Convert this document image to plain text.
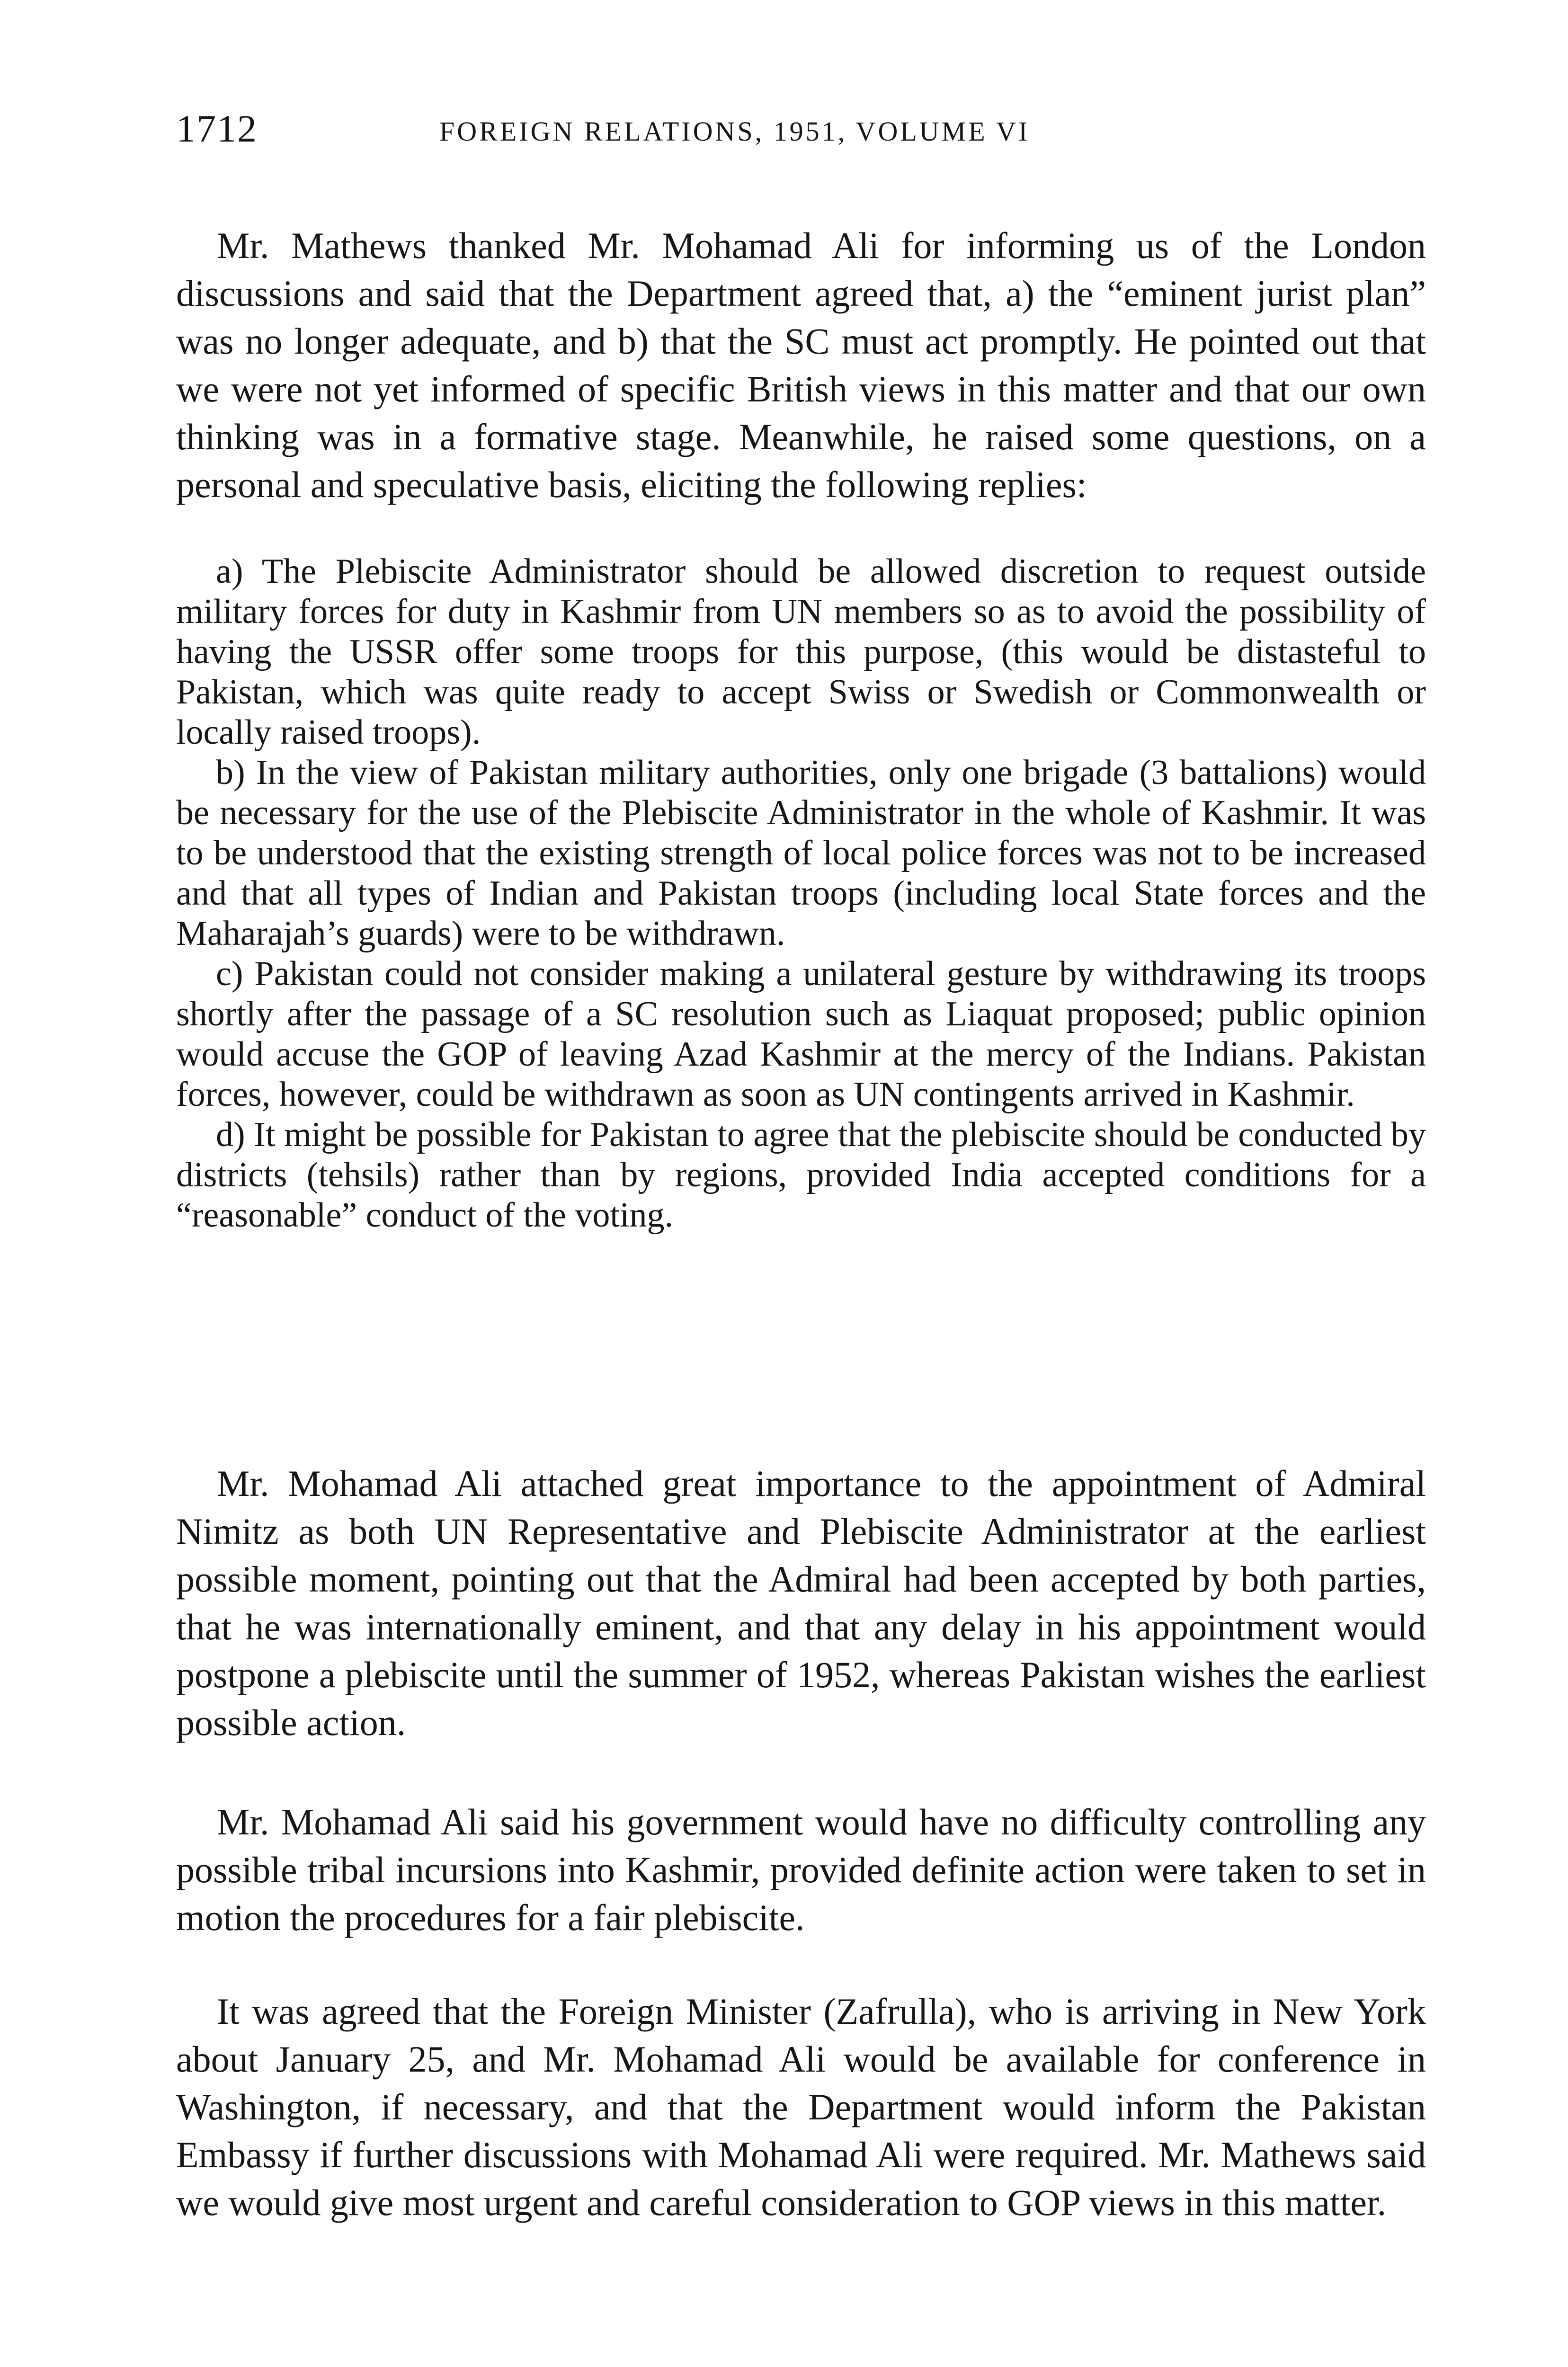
1712	FOREIGN RELATIONS, 1951, VOLUME VI

Mr. Mathews thanked Mr. Mohamad Ali for informing us of the London discussions and said that the Department agreed that, a) the “eminent jurist plan” was no longer adequate, and b) that the SC must act promptly. He pointed out that we were not yet informed of specific British views in this matter and that our own thinking was in a formative stage. Meanwhile, he raised some questions, on a personal and speculative basis, eliciting the following replies:

a) The Plebiscite Administrator should be allowed discretion to request outside military forces for duty in Kashmir from UN members so as to avoid the possibility of having the USSR offer some troops for this purpose, (this would be distasteful to Pakistan, which was quite ready to accept Swiss or Swedish or Commonwealth or locally raised troops).

b) In the view of Pakistan military authorities, only one brigade (3 battalions) would be necessary for the use of the Plebiscite Administrator in the whole of Kashmir. It was to be understood that the existing strength of local police forces was not to be increased and that all types of Indian and Pakistan troops (including local State forces and the Maharajah’s guards) were to be withdrawn.

c) Pakistan could not consider making a unilateral gesture by withdrawing its troops shortly after the passage of a SC resolution such as Liaquat proposed; public opinion would accuse the GOP of leaving Azad Kashmir at the mercy of the Indians. Pakistan forces, however, could be withdrawn as soon as UN contingents arrived in Kashmir.

d) It might be possible for Pakistan to agree that the plebiscite should be conducted by districts (tehsils) rather than by regions, provided India accepted conditions for a “reasonable” conduct of the voting.

Mr. Mohamad Ali attached great importance to the appointment of Admiral Nimitz as both UN Representative and Plebiscite Administrator at the earliest possible moment, pointing out that the Admiral had been accepted by both parties, that he was internationally eminent, and that any delay in his appointment would postpone a plebiscite until the summer of 1952, whereas Pakistan wishes the earliest possible action.

Mr. Mohamad Ali said his government would have no difficulty controlling any possible tribal incursions into Kashmir, provided definite action were taken to set in motion the procedures for a fair plebiscite.

It was agreed that the Foreign Minister (Zafrulla), who is arriving in New York about January 25, and Mr. Mohamad Ali would be available for conference in Washington, if necessary, and that the Department would inform the Pakistan Embassy if further discussions with Mohamad Ali were required. Mr. Mathews said we would give most urgent and careful consideration to GOP views in this matter.
